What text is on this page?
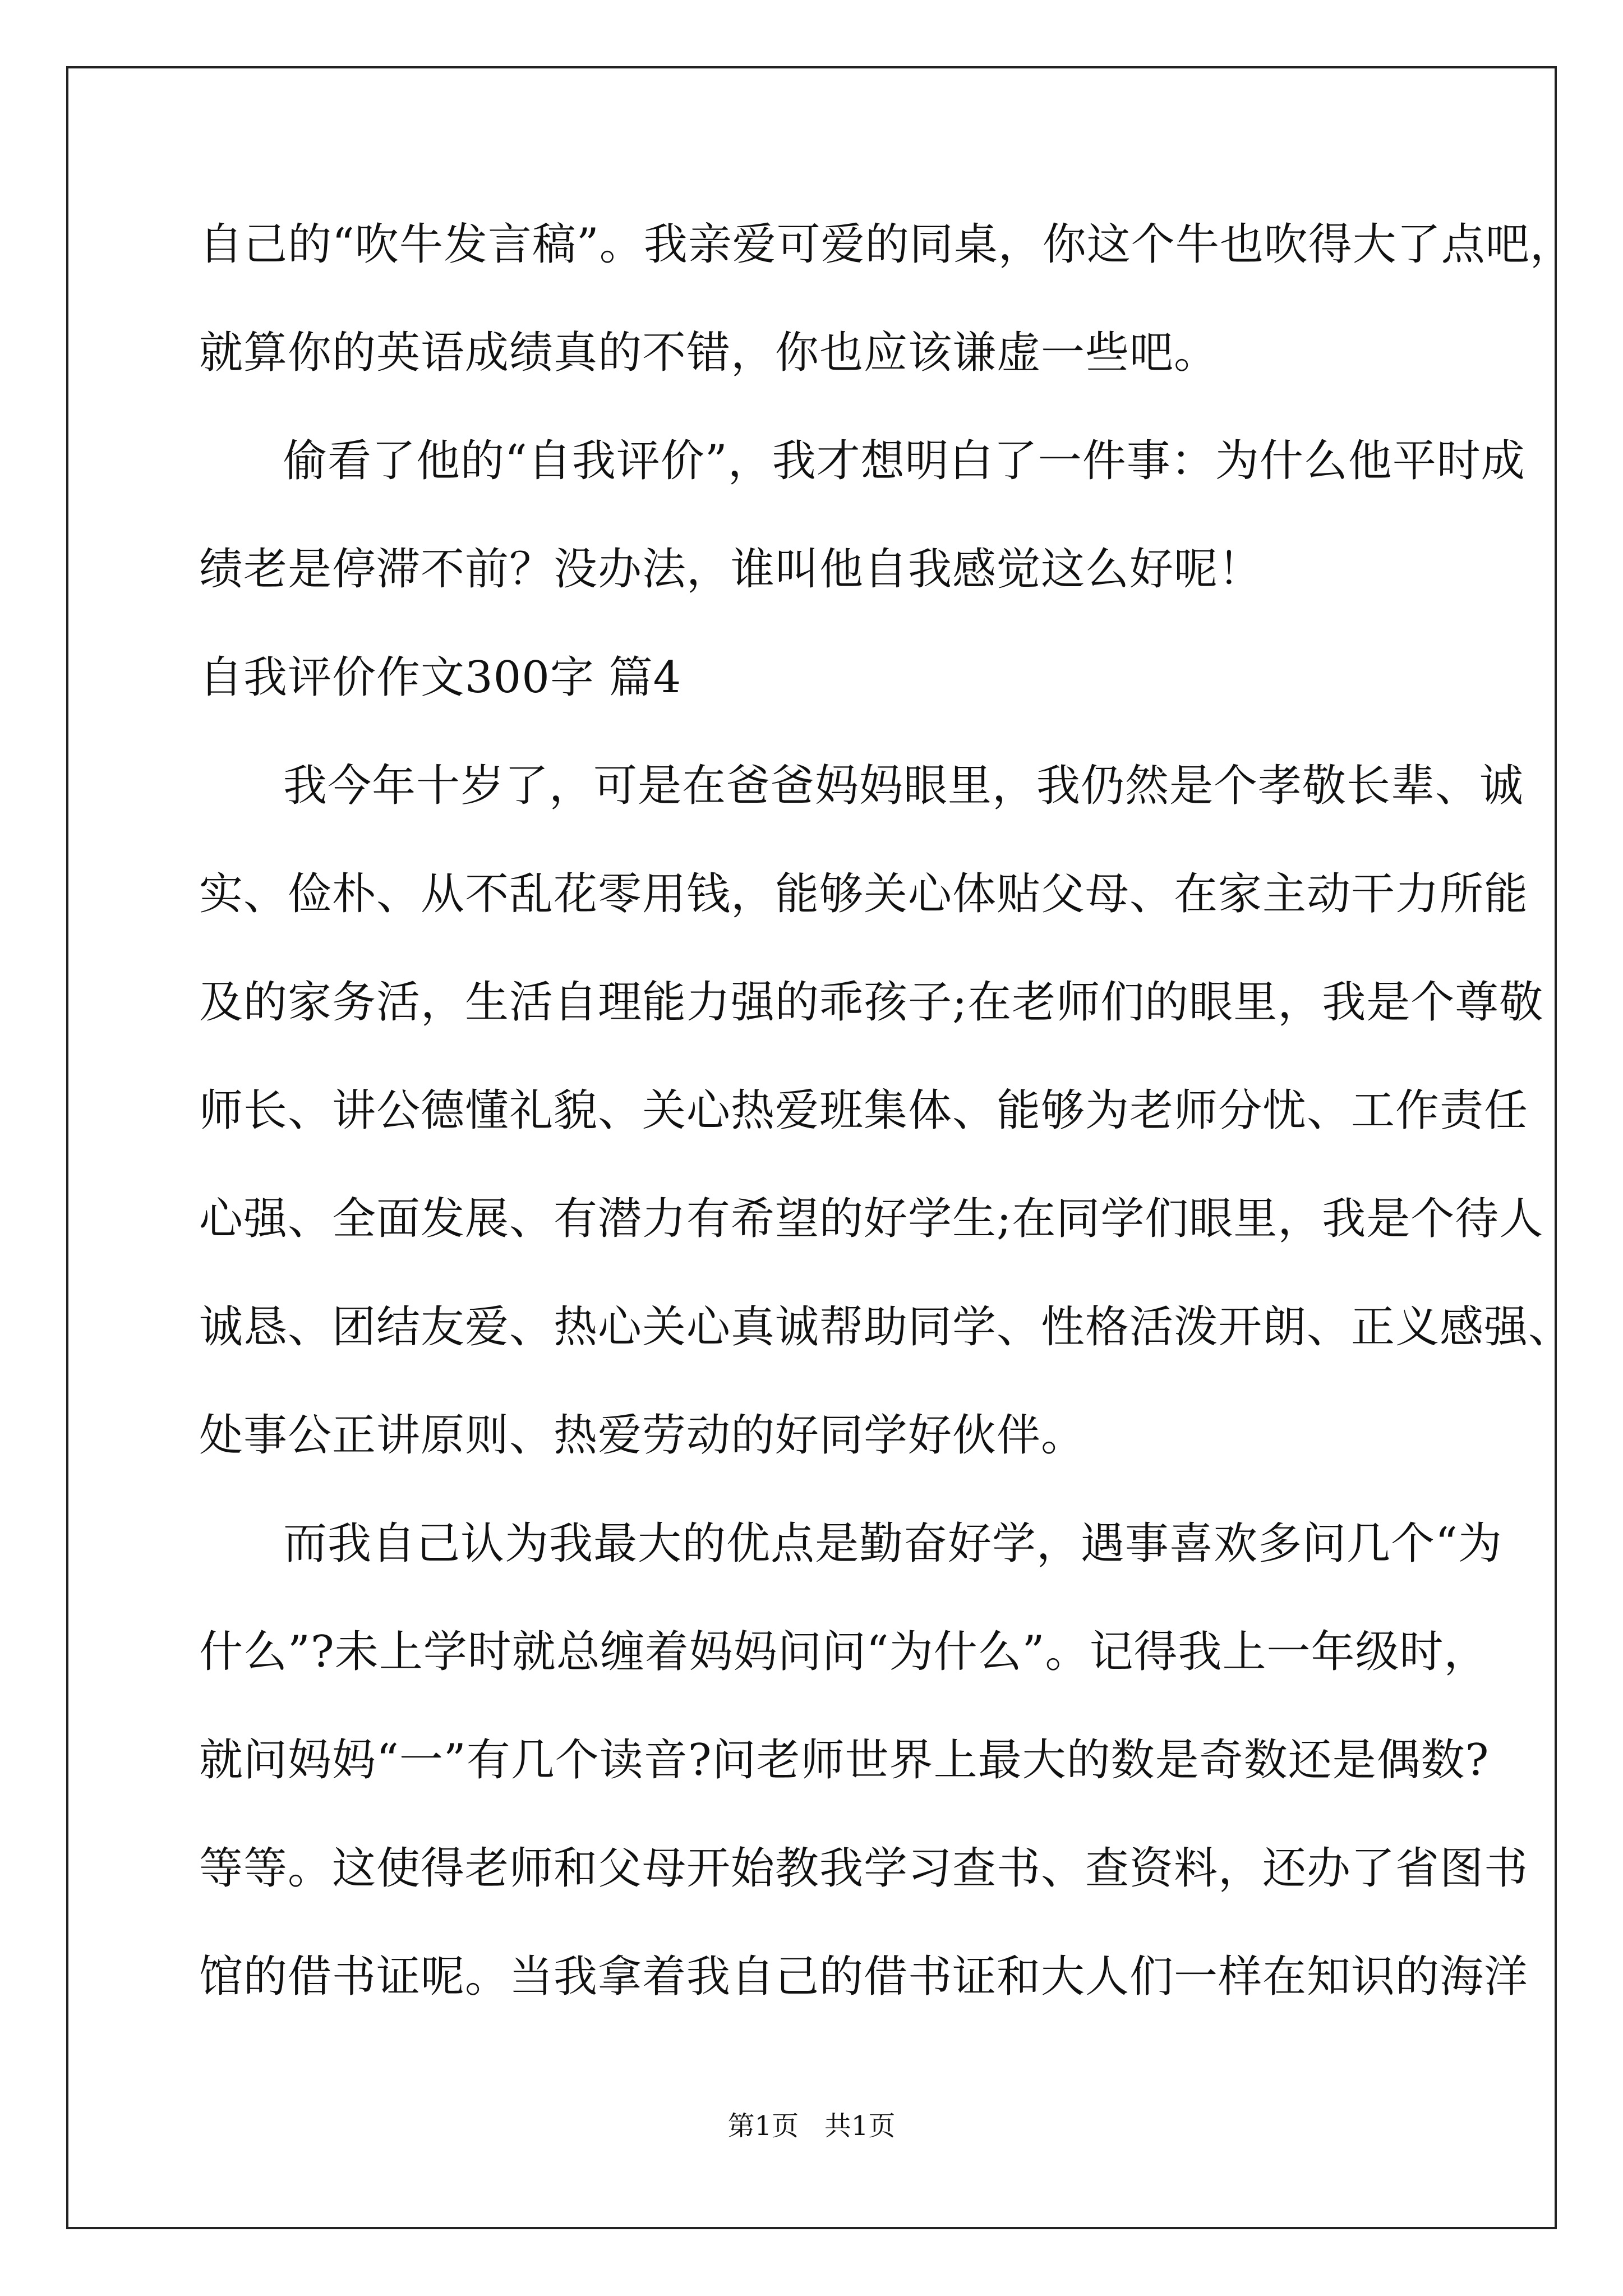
自己的“吹牛发言稿”。我亲爱可爱的同桌，你这个牛也吹得大了点吧，
就算你的英语成绩真的不错，你也应该谦虚一些吧。
偷看了他的“自我评价”，我才想明白了一件事：为什么他平时成
绩老是停滞不前？没办法，谁叫他自我感觉这么好呢！
自我评价作文300字 篇4
我今年十岁了，可是在爸爸妈妈眼里，我仍然是个孝敬长辈、诚
实、俭朴、从不乱花零用钱，能够关心体贴父母、在家主动干力所能
及的家务活，生活自理能力强的乖孩子;在老师们的眼里，我是个尊敬
师长、讲公德懂礼貌、关心热爱班集体、能够为老师分忧、工作责任
心强、全面发展、有潜力有希望的好学生;在同学们眼里，我是个待人
诚恳、团结友爱、热心关心真诚帮助同学、性格活泼开朗、正义感强、
处事公正讲原则、热爱劳动的好同学好伙伴。
而我自己认为我最大的优点是勤奋好学，遇事喜欢多问几个“为
什么”?未上学时就总缠着妈妈问问“为什么”。记得我上一年级时，
就问妈妈“一”有几个读音?问老师世界上最大的数是奇数还是偶数?
等等。这使得老师和父母开始教我学习查书、查资料，还办了省图书
馆的借书证呢。当我拿着我自己的借书证和大人们一样在知识的海洋
第1页   共1页
